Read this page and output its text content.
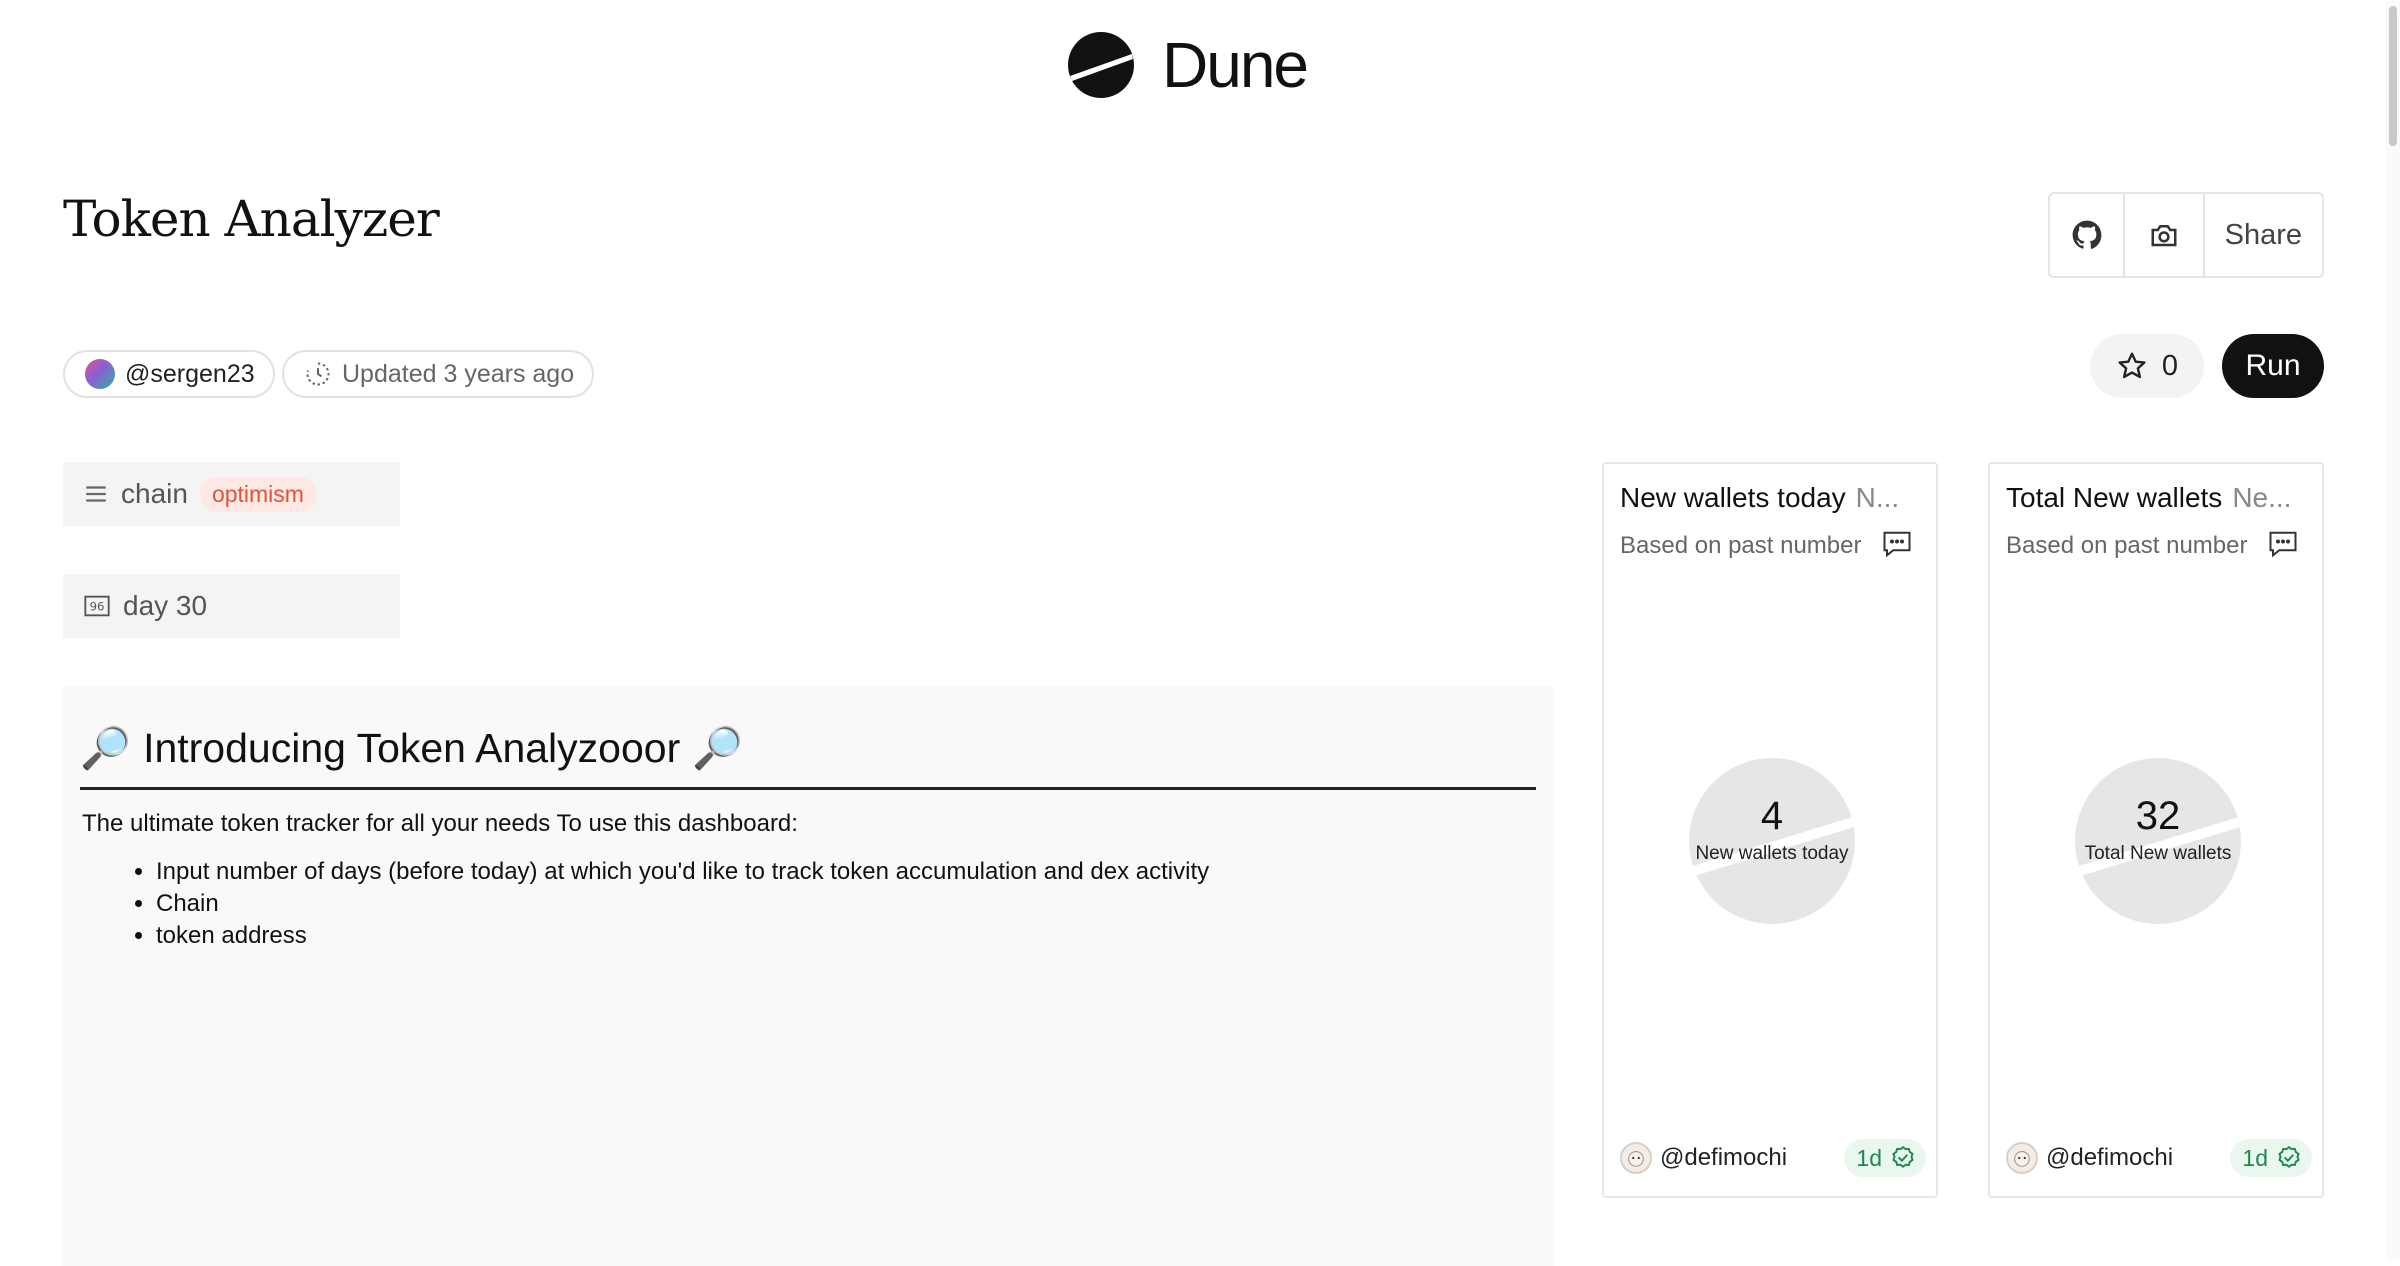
Dune
Token Analyzer	Share
@sergen23	Updated 3 years ago	0	Run
chain	optimism
96 day 30
🔎 Introducing Token Analyzooor 🔎
The ultimate token tracker for all your needs To use this dashboard:
• Input number of days (before today) at which you'd like to track token accumulation and dex activity
• Chain
• token address
New wallets today N...
Based on past number
4
New wallets today
@defimochi	1d
Total New wallets Ne...
Based on past number
32
Total New wallets
@defimochi	1d
